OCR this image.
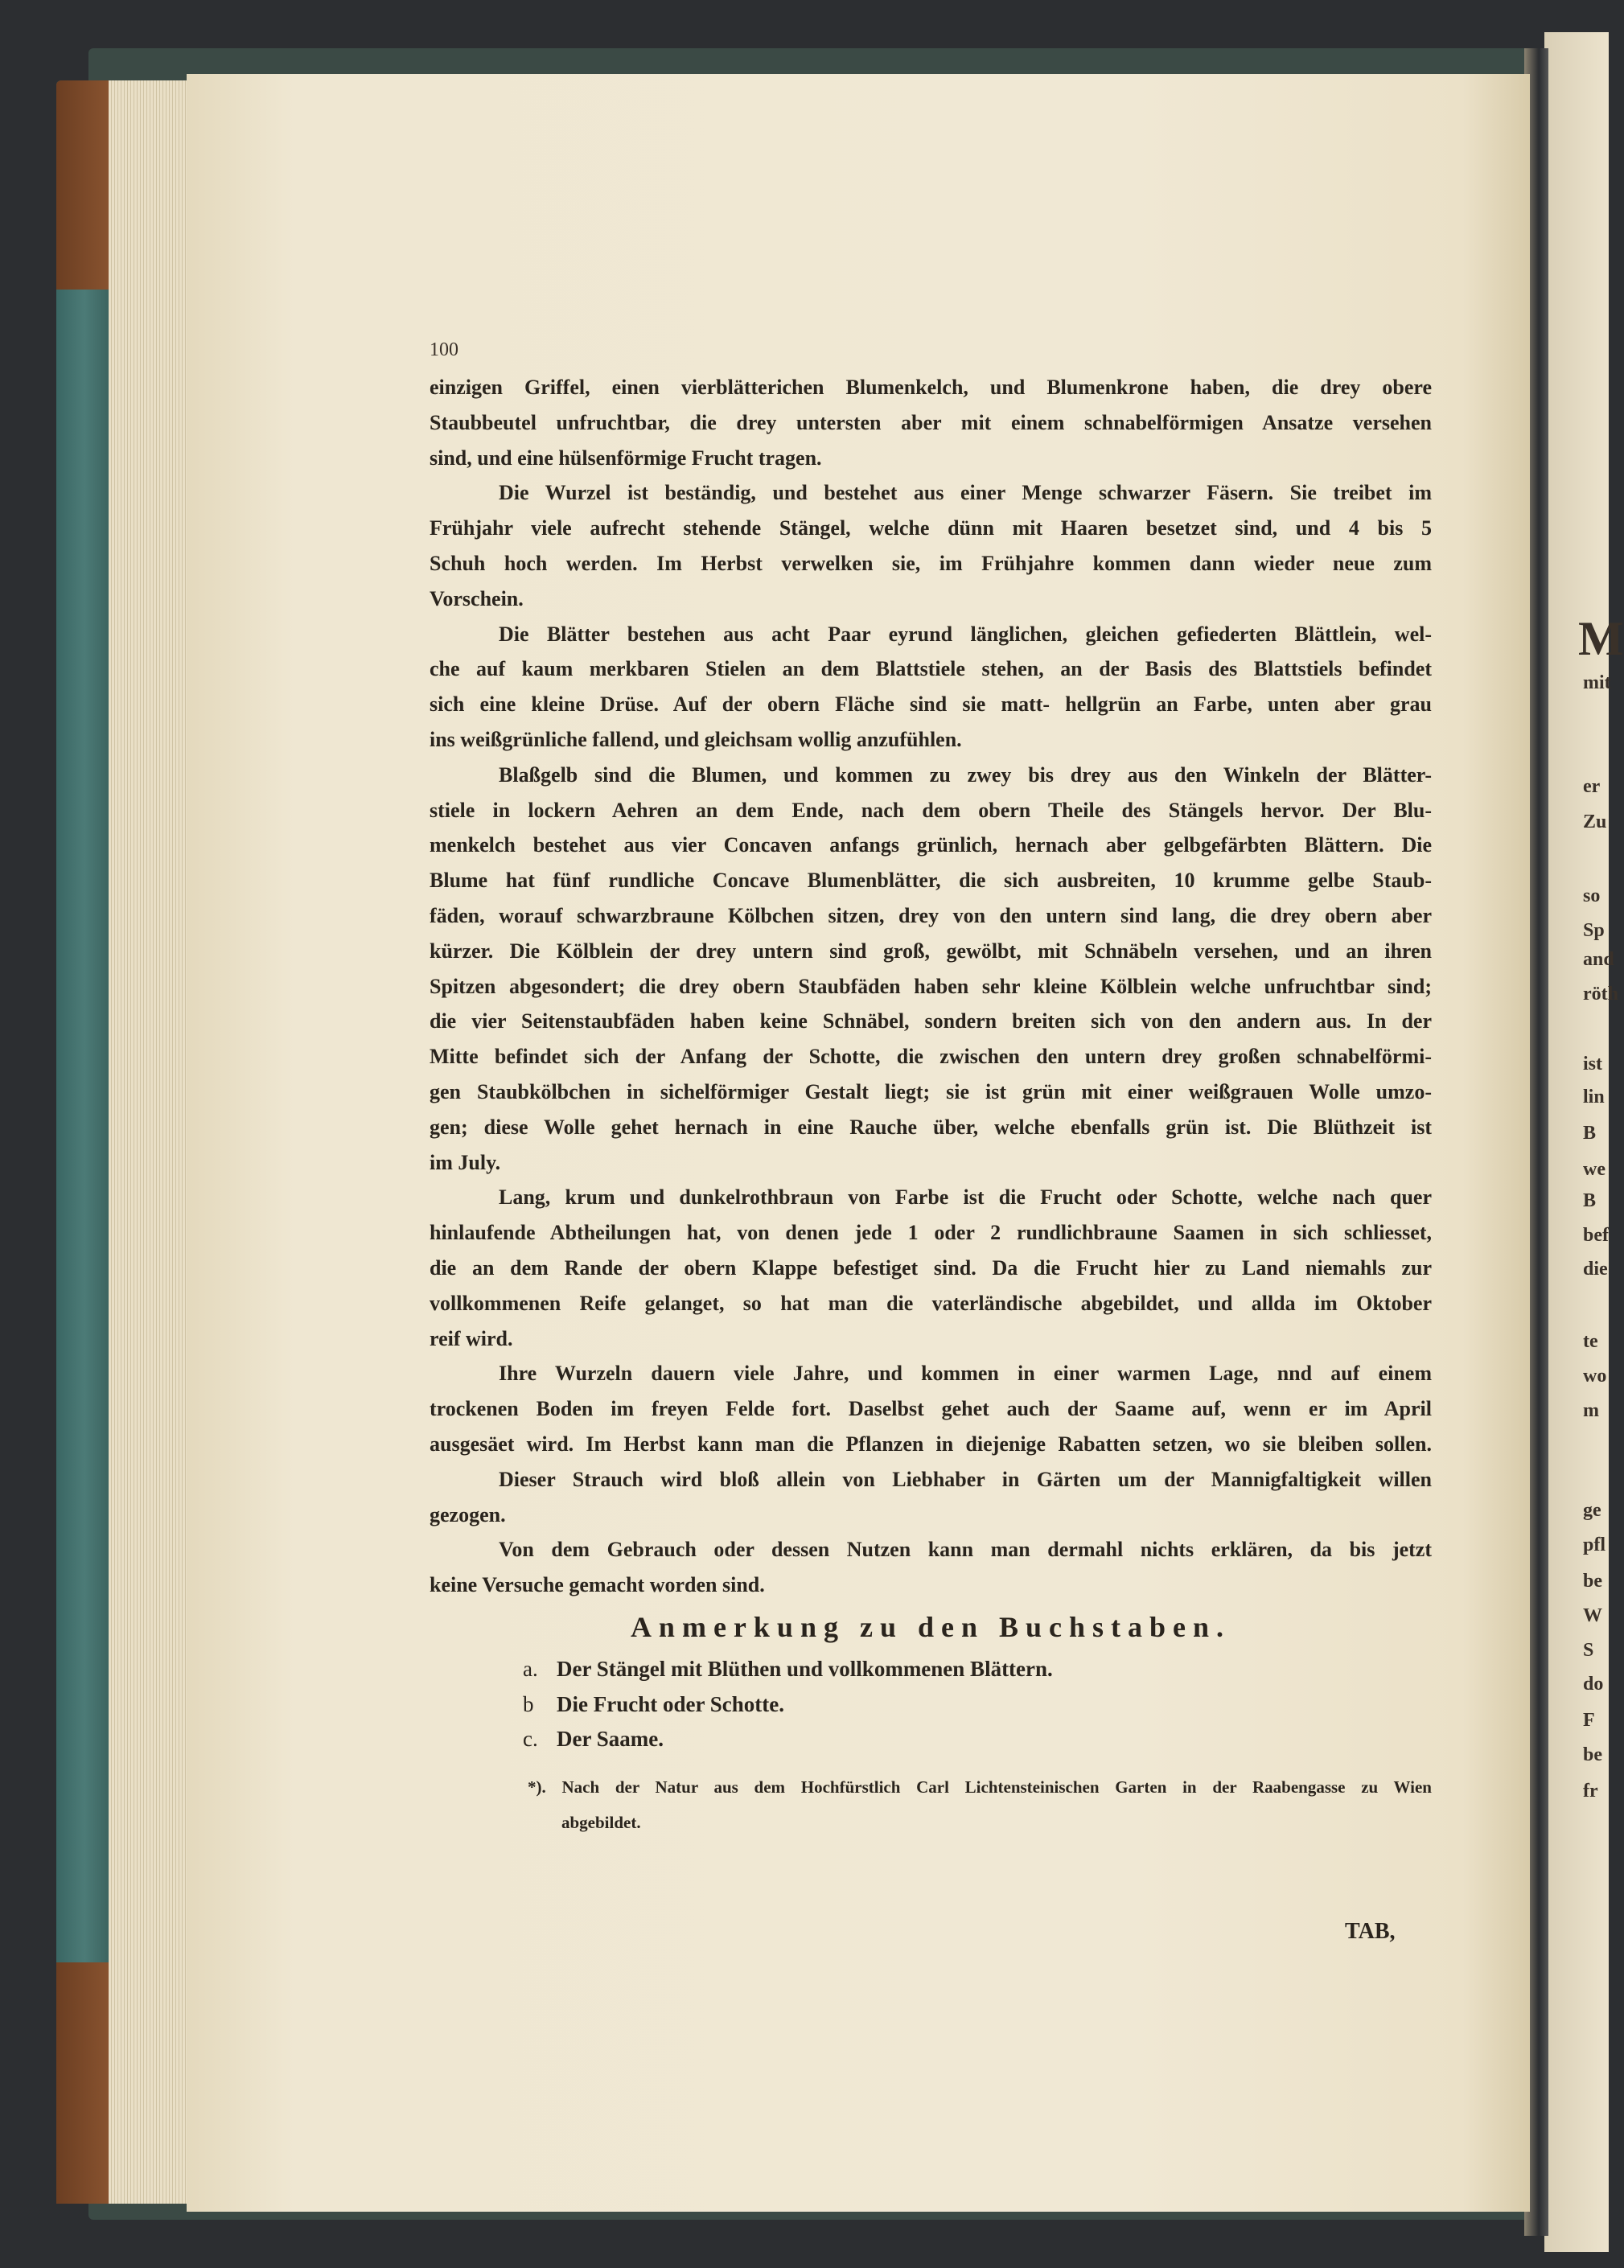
100
einzigen Griffel, einen vierblätterichen Blumenkelch, und Blumenkrone haben, die drey obere
Staubbeutel unfruchtbar, die drey untersten aber mit einem schnabelförmigen Ansatze versehen
sind, und eine hülsenförmige Frucht tragen.
Die Wurzel ist beständig, und bestehet aus einer Menge schwarzer Fäsern. Sie treibet im
Frühjahr viele aufrecht stehende Stängel, welche dünn mit Haaren besetzet sind, und 4 bis 5
Schuh hoch werden. Im Herbst verwelken sie, im Frühjahre kommen dann wieder neue zum
Vorschein.
Die Blätter bestehen aus acht Paar eyrund länglichen, gleichen gefiederten Blättlein, wel-
che auf kaum merkbaren Stielen an dem Blattstiele stehen, an der Basis des Blattstiels befindet
sich eine kleine Drüse. Auf der obern Fläche sind sie matt- hellgrün an Farbe, unten aber grau
ins weißgrünliche fallend, und gleichsam wollig anzufühlen.
Blaßgelb sind die Blumen, und kommen zu zwey bis drey aus den Winkeln der Blätter-
stiele in lockern Aehren an dem Ende, nach dem obern Theile des Stängels hervor. Der Blu-
menkelch bestehet aus vier Concaven anfangs grünlich, hernach aber gelbgefärbten Blättern. Die
Blume hat fünf rundliche Concave Blumenblätter, die sich ausbreiten, 10 krumme gelbe Staub-
fäden, worauf schwarzbraune Kölbchen sitzen, drey von den untern sind lang, die drey obern aber
kürzer. Die Kölblein der drey untern sind groß, gewölbt, mit Schnäbeln versehen, und an ihren
Spitzen abgesondert; die drey obern Staubfäden haben sehr kleine Kölblein welche unfruchtbar sind;
die vier Seitenstaubfäden haben keine Schnäbel, sondern breiten sich von den andern aus. In der
Mitte befindet sich der Anfang der Schotte, die zwischen den untern drey großen schnabelförmi-
gen Staubkölbchen in sichelförmiger Gestalt liegt; sie ist grün mit einer weißgrauen Wolle umzo-
gen; diese Wolle gehet hernach in eine Rauche über, welche ebenfalls grün ist. Die Blüthzeit ist
im July.
Lang, krum und dunkelrothbraun von Farbe ist die Frucht oder Schotte, welche nach quer
hinlaufende Abtheilungen hat, von denen jede 1 oder 2 rundlichbraune Saamen in sich schliesset,
die an dem Rande der obern Klappe befestiget sind. Da die Frucht hier zu Land niemahls zur
vollkommenen Reife gelanget, so hat man die vaterländische abgebildet, und allda im Oktober
reif wird.
Ihre Wurzeln dauern viele Jahre, und kommen in einer warmen Lage, nnd auf einem
trockenen Boden im freyen Felde fort. Daselbst gehet auch der Saame auf, wenn er im April
ausgesäet wird. Im Herbst kann man die Pflanzen in diejenige Rabatten setzen, wo sie bleiben sollen.
Dieser Strauch wird bloß allein von Liebhaber in Gärten um der Mannigfaltigkeit willen
gezogen.
Von dem Gebrauch oder dessen Nutzen kann man dermahl nichts erklären, da bis jetzt
keine Versuche gemacht worden sind.
Anmerkung zu den Buchstaben.
a. Der Stängel mit Blüthen und vollkommenen Blättern.
b Die Frucht oder Schotte.
c. Der Saame.
*). Nach der Natur aus dem Hochfürstlich Carl Lichtensteinischen Garten in der Raabengasse zu Wien
abgebildet.
TAB,
M
mit
er
Zu
so
Sp
and
röth
ist
lin
B
we
B
bef
die
te
wo
m
ge
pfl
be
W
S
do
F
be
fr
